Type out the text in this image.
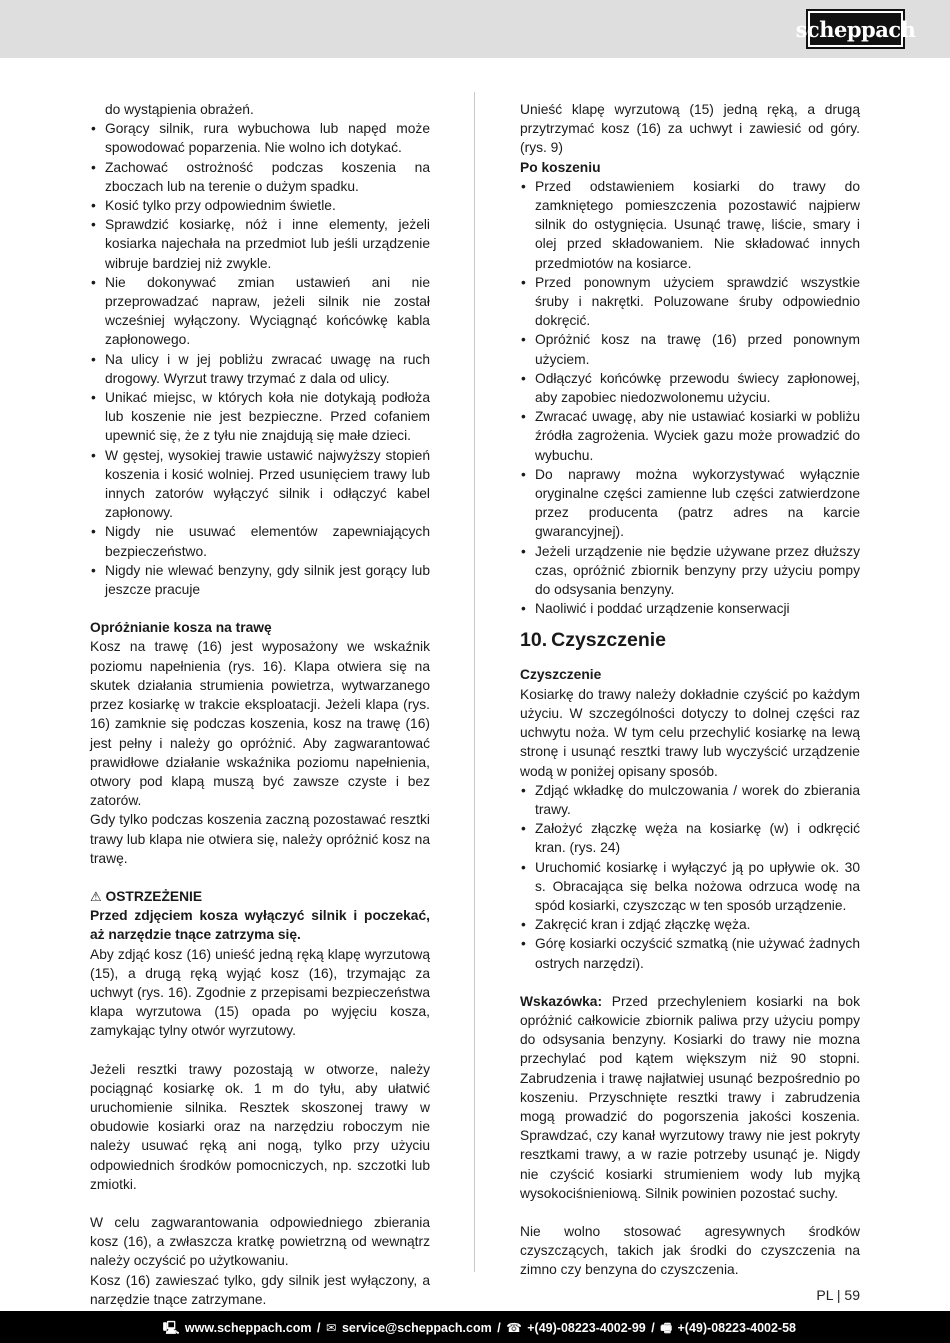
scheppach

do wystąpienia obrażeń.

• Gorący silnik, rura wybuchowa lub napęd może spowodować poparzenia. Nie wolno ich dotykać.
• Zachować ostrożność podczas koszenia na zboczach lub na terenie o dużym spadku.
• Kosić tylko przy odpowiednim świetle.
• Sprawdzić kosiarkę, nóż i inne elementy, jeżeli kosiarka najechała na przedmiot lub jeśli urządzenie wibruje bardziej niż zwykle.
• Nie dokonywać zmian ustawień ani nie przeprowadzać napraw, jeżeli silnik nie został wcześniej wyłączony. Wyciągnąć końcówkę kabla zapłonowego.
• Na ulicy i w jej pobliżu zwracać uwagę na ruch drogowy. Wyrzut trawy trzymać z dala od ulicy.
• Unikać miejsc, w których koła nie dotykają podłoża lub koszenie nie jest bezpieczne. Przed cofaniem upewnić się, że z tyłu nie znajdują się małe dzieci.
• W gęstej, wysokiej trawie ustawić najwyższy stopień koszenia i kosić wolniej. Przed usunięciem trawy lub innych zatorów wyłączyć silnik i odłączyć kabel zapłonowy.
• Nigdy nie usuwać elementów zapewniających bezpieczeństwo.
• Nigdy nie wlewać benzyny, gdy silnik jest gorący lub jeszcze pracuje

Opróżnianie kosza na trawę

Kosz na trawę (16) jest wyposażony we wskaźnik poziomu napełnienia (rys. 16). Klapa otwiera się na skutek działania strumienia powietrza, wytwarzanego przez kosiarkę w trakcie eksploatacji. Jeżeli klapa (rys. 16) zamknie się podczas koszenia, kosz na trawę (16) jest pełny i należy go opróżnić. Aby zagwarantować prawidłowe działanie wskaźnika poziomu napełnienia, otwory pod klapą muszą być zawsze czyste i bez zatorów.

Gdy tylko podczas koszenia zaczną pozostawać resztki trawy lub klapa nie otwiera się, należy opróżnić kosz na trawę.

⚠ OSTRZEŻENIE

Przed zdjęciem kosza wyłączyć silnik i poczekać, aż narzędzie tnące zatrzyma się.

Aby zdjąć kosz (16) unieść jedną ręką klapę wyrzutową (15), a drugą ręką wyjąć kosz (16), trzymając za uchwyt (rys. 16). Zgodnie z przepisami bezpieczeństwa klapa wyrzutowa (15) opada po wyjęciu kosza, zamykając tylny otwór wyrzutowy.

Jeżeli resztki trawy pozostają w otworze, należy pociągnąć kosiarkę ok. 1 m do tyłu, aby ułatwić uruchomienie silnika. Resztek skoszonej trawy w obudowie kosiarki oraz na narzędziu roboczym nie należy usuwać ręką ani nogą, tylko przy użyciu odpowiednich środków pomocniczych, np. szczotki lub zmiotki.

W celu zagwarantowania odpowiedniego zbierania kosz (16), a zwłaszcza kratkę powietrzną od wewnątrz należy oczyścić po użytkowaniu.

Kosz (16) zawieszać tylko, gdy silnik jest wyłączony, a narzędzie tnące zatrzymane.

Unieść klapę wyrzutową (15) jedną ręką, a drugą przytrzymać kosz (16) za uchwyt i zawiesić od góry. (rys. 9)

Po koszeniu

• Przed odstawieniem kosiarki do trawy do zamkniętego pomieszczenia pozostawić najpierw silnik do ostygnięcia. Usunąć trawę, liście, smary i olej przed składowaniem. Nie składować innych przedmiotów na kosiarce.
• Przed ponownym użyciem sprawdzić wszystkie śruby i nakrętki. Poluzowane śruby odpowiednio dokręcić.
• Opróżnić kosz na trawę (16) przed ponownym użyciem.
• Odłączyć końcówkę przewodu świecy zapłonowej, aby zapobiec niedozwolonemu użyciu.
• Zwracać uwagę, aby nie ustawiać kosiarki w pobliżu źródła zagrożenia. Wyciek gazu może prowadzić do wybuchu.
• Do naprawy można wykorzystywać wyłącznie oryginalne części zamienne lub części zatwierdzone przez producenta (patrz adres na karcie gwarancyjnej).
• Jeżeli urządzenie nie będzie używane przez dłuższy czas, opróżnić zbiornik benzyny przy użyciu pompy do odsysania benzyny.
• Naoliwić i poddać urządzenie konserwacji

10. Czyszczenie

Czyszczenie

Kosiarkę do trawy należy dokładnie czyścić po każdym użyciu. W szczególności dotyczy to dolnej części raz uchwytu noża. W tym celu przechylić kosiarkę na lewą stronę i usunąć resztki trawy lub wyczyścić urządzenie wodą w poniżej opisany sposób.

• Zdjąć wkładkę do mulczowania / worek do zbierania trawy.
• Założyć złączkę węża na kosiarkę (w) i odkręcić kran. (rys. 24)
• Uruchomić kosiarkę i wyłączyć ją po upływie ok. 30 s. Obracająca się belka nożowa odrzuca wodę na spód kosiarki, czyszcząc w ten sposób urządzenie.
• Zakręcić kran i zdjąć złączkę węża.
• Górę kosiarki oczyścić szmatką (nie używać żadnych ostrych narzędzi).

Wskazówka: Przed przechyleniem kosiarki na bok opróżnić całkowicie zbiornik paliwa przy użyciu pompy do odsysania benzyny. Kosiarki do trawy nie mozna przechylać pod kątem większym niż 90 stopni. Zabrudzenia i trawę najłatwiej usunąć bezpośrednio po koszeniu. Przyschnięte resztki trawy i zabrudzenia mogą prowadzić do pogorszenia jakości koszenia. Sprawdzać, czy kanał wyrzutowy trawy nie jest pokryty resztkami trawy, a w razie potrzeby usunąć je. Nigdy nie czyścić kosiarki strumieniem wody lub myjką wysokociśnieniową. Silnik powinien pozostać suchy.

Nie wolno stosować agresywnych środków czyszczących, takich jak środki do czyszczenia na zimno czy benzyna do czyszczenia.

PL | 59
🖳 www.scheppach.com / ✉ service@scheppach.com / ☎ +(49)-08223-4002-99 / 🖷 +(49)-08223-4002-58
